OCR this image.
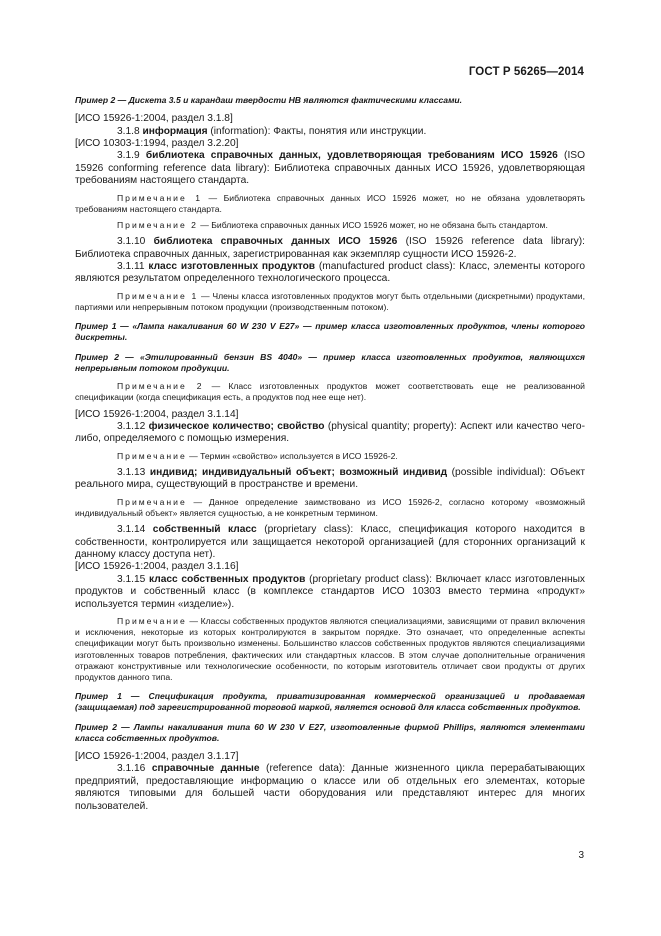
ГОСТ Р 56265—2014

Пример 2 — Дискета 3.5 и карандаш твердости НВ являются фактическими классами.

[ИСО 15926-1:2004, раздел 3.1.8]

3.1.8 информация (information): Факты, понятия или инструкции.

[ИСО 10303-1:1994, раздел 3.2.20]

3.1.9 библиотека справочных данных, удовлетворяющая требованиям ИСО 15926 (ISO 15926 conforming reference data library): Библиотека справочных данных ИСО 15926, удовлетворяющая требованиям настоящего стандарта.

Примечание 1 — Библиотека справочных данных ИСО 15926 может, но не обязана удовлетворять требованиям настоящего стандарта.

Примечание 2 — Библиотека справочных данных ИСО 15926 может, но не обязана быть стандартом.

3.1.10 библиотека справочных данных ИСО 15926 (ISO 15926 reference data library): Библиотека справочных данных, зарегистрированная как экземпляр сущности ИСО 15926-2.

3.1.11 класс изготовленных продуктов (manufactured product class): Класс, элементы которого являются результатом определенного технологического процесса.

Примечание 1 — Члены класса изготовленных продуктов могут быть отдельными (дискретными) продуктами, партиями или непрерывным потоком продукции (производственным потоком).

Пример 1 — «Лампа накаливания 60 W 230 V E27» — пример класса изготовленных продуктов, члены которого дискретны.

Пример 2 — «Этилированный бензин BS 4040» — пример класса изготовленных продуктов, являющихся непрерывным потоком продукции.

Примечание 2 — Класс изготовленных продуктов может соответствовать еще не реализованной спецификации (когда спецификация есть, а продуктов под нее еще нет).

[ИСО 15926-1:2004, раздел 3.1.14]

3.1.12 физическое количество; свойство (physical quantity; property): Аспект или качество чего-либо, определяемого с помощью измерения.

Примечание — Термин «свойство» используется в ИСО 15926-2.

3.1.13 индивид; индивидуальный объект; возможный индивид (possible individual): Объект реального мира, существующий в пространстве и времени.

Примечание — Данное определение заимствовано из ИСО 15926-2, согласно которому «возможный индивидуальный объект» является сущностью, а не конкретным термином.

3.1.14 собственный класс (proprietary class): Класс, спецификация которого находится в собственности, контролируется или защищается некоторой организацией (для сторонних организаций к данному классу доступа нет).

[ИСО 15926-1:2004, раздел 3.1.16]

3.1.15 класс собственных продуктов (proprietary product class): Включает класс изготовленных продуктов и собственный класс (в комплексе стандартов ИСО 10303 вместо термина «продукт» используется термин «изделие»).

Примечание — Классы собственных продуктов являются специализациями, зависящими от правил включения и исключения, некоторые из которых контролируются в закрытом порядке. Это означает, что определенные аспекты спецификации могут быть произвольно изменены. Большинство классов собственных продуктов являются специализациями изготовленных товаров потребления, фактических или стандартных классов. В этом случае дополнительные ограничения отражают конструктивные или технологические особенности, по которым изготовитель отличает свои продукты от других продуктов данного типа.

Пример 1 — Спецификация продукта, приватизированная коммерческой организацией и продаваемая (защищаемая) под зарегистрированной торговой маркой, является основой для класса собственных продуктов.

Пример 2 — Лампы накаливания типа 60 W 230 V E27, изготовленные фирмой Phillips, являются элементами класса собственных продуктов.

[ИСО 15926-1:2004, раздел 3.1.17]

3.1.16 справочные данные (reference data): Данные жизненного цикла перерабатывающих предприятий, предоставляющие информацию о классе или об отдельных его элементах, которые являются типовыми для большей части оборудования или представляют интерес для многих пользователей.

3
